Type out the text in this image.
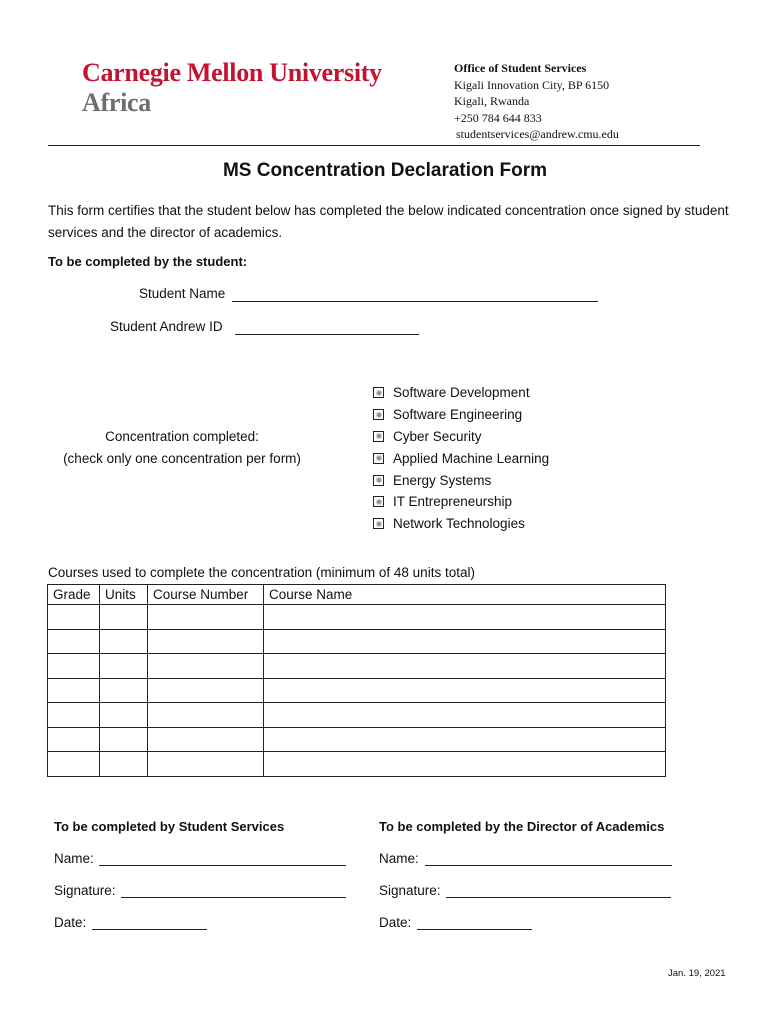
Carnegie Mellon University
Africa
Office of Student Services
Kigali Innovation City, BP 6150
Kigali, Rwanda
+250 784 644 833
studentservices@andrew.cmu.edu
MS Concentration Declaration Form
This form certifies that the student below has completed the below indicated concentration once signed by student services and the director of academics.
To be completed by the student:
Student Name
Student Andrew ID
Concentration completed:
(check only one concentration per form)
Software Development
Software Engineering
Cyber Security
Applied Machine Learning
Energy Systems
IT Entrepreneurship
Network Technologies
Courses used to complete the concentration (minimum of 48 units total)
Grade	Units	Course Number	Course Name

To be completed by Student Services
Name:
Signature:
Date:
To be completed by the Director of Academics
Name:
Signature:
Date:
Jan. 19, 2021
